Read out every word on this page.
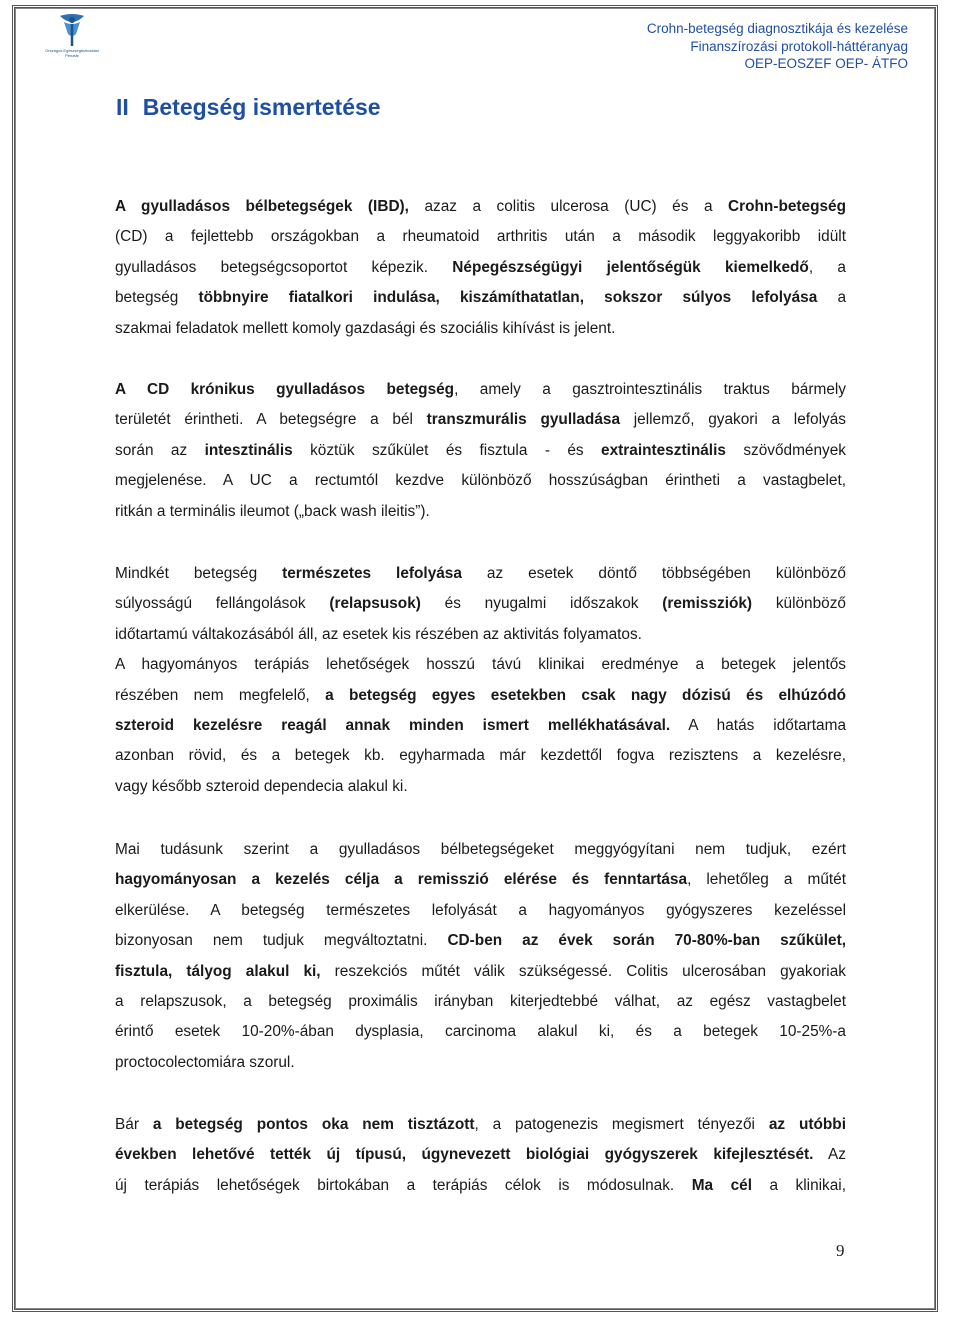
Országos Egészségbiztosítási
Pénztár
Crohn-betegség diagnosztikája és kezelése
Finanszírozási protokoll-háttéranyag
OEP-EOSZEF OEP- ÁTFO
II Betegség ismertetése
A gyulladásos bélbetegségek (IBD), azaz a colitis ulcerosa (UC) és a Crohn-betegség
(CD) a fejlettebb országokban a rheumatoid arthritis után a második leggyakoribb idült
gyulladásos betegségcsoportot képezik. Népegészségügyi jelentőségük kiemelkedő, a
betegség többnyire fiatalkori indulása, kiszámíthatatlan, sokszor súlyos lefolyása a
szakmai feladatok mellett komoly gazdasági és szociális kihívást is jelent.
A CD krónikus gyulladásos betegség, amely a gasztrointesztinális traktus bármely
területét érintheti. A betegségre a bél transzmurális gyulladása jellemző, gyakori a lefolyás
során az intesztinális köztük szűkület és fisztula - és extraintesztinális szövődmények
megjelenése. A UC a rectumtól kezdve különböző hosszúságban érintheti a vastagbelet,
ritkán a terminális ileumot („back wash ileitis”).
Mindkét betegség természetes lefolyása az esetek döntő többségében különböző
súlyosságú fellángolások (relapsusok) és nyugalmi időszakok (remissziók) különböző
időtartamú váltakozásából áll, az esetek kis részében az aktivitás folyamatos.
A hagyományos terápiás lehetőségek hosszú távú klinikai eredménye a betegek jelentős
részében nem megfelelő, a betegség egyes esetekben csak nagy dózisú és elhúzódó
szteroid kezelésre reagál annak minden ismert mellékhatásával. A hatás időtartama
azonban rövid, és a betegek kb. egyharmada már kezdettől fogva rezisztens a kezelésre,
vagy később szteroid dependecia alakul ki.
Mai tudásunk szerint a gyulladásos bélbetegségeket meggyógyítani nem tudjuk, ezért
hagyományosan a kezelés célja a remisszió elérése és fenntartása, lehetőleg a műtét
elkerülése. A betegség természetes lefolyását a hagyományos gyógyszeres kezeléssel
bizonyosan nem tudjuk megváltoztatni. CD-ben az évek során 70-80%-ban szűkület,
fisztula, tályog alakul ki, reszekciós műtét válik szükségessé. Colitis ulcerosában gyakoriak
a relapszusok, a betegség proximális irányban kiterjedtebbé válhat, az egész vastagbelet
érintő esetek 10-20%-ában dysplasia, carcinoma alakul ki, és a betegek 10-25%-a
proctocolectomiára szorul.
Bár a betegség pontos oka nem tisztázott, a patogenezis megismert tényezői az utóbbi
években lehetővé tették új típusú, úgynevezett biológiai gyógyszerek kifejlesztését. Az
új terápiás lehetőségek birtokában a terápiás célok is módosulnak. Ma cél a klinikai,
9
